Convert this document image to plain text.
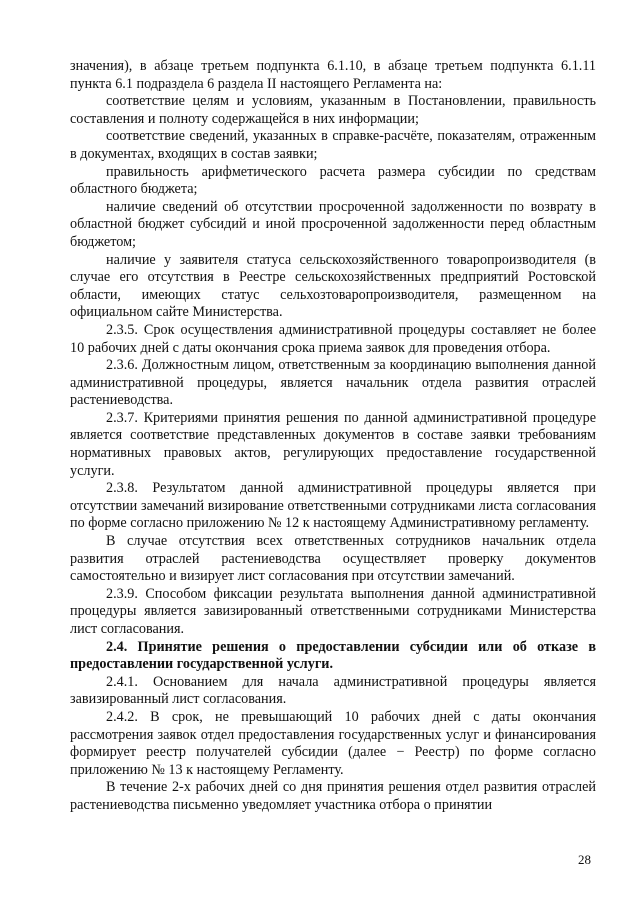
значения), в абзаце третьем подпункта 6.1.10, в абзаце третьем подпункта 6.1.11 пункта 6.1 подраздела 6 раздела II настоящего Регламента на:

соответствие целям и условиям, указанным в Постановлении, правильность составления и полноту содержащейся в них информации;

соответствие сведений, указанных в справке-расчёте, показателям, отраженным в документах, входящих в состав заявки;

правильность арифметического расчета размера субсидии по средствам областного бюджета;

наличие сведений об отсутствии просроченной задолженности по возврату в областной бюджет субсидий и иной просроченной задолженности перед областным бюджетом;

наличие у заявителя статуса сельскохозяйственного товаропроизводителя (в случае его отсутствия в Реестре сельскохозяйственных предприятий Ростовской области, имеющих статус сельхозтоваропроизводителя, размещенном на официальном сайте Министерства.

2.3.5. Срок осуществления административной процедуры составляет не более 10 рабочих дней с даты окончания срока приема заявок для проведения отбора.

2.3.6. Должностным лицом, ответственным за координацию выполнения данной административной процедуры, является начальник отдела развития отраслей растениеводства.

2.3.7. Критериями принятия решения по данной административной процедуре является соответствие представленных документов в составе заявки требованиям нормативных правовых актов, регулирующих предоставление государственной услуги.

2.3.8. Результатом данной административной процедуры является при отсутствии замечаний визирование ответственными сотрудниками листа согласования по форме согласно приложению № 12 к настоящему Административному регламенту.

В случае отсутствия всех ответственных сотрудников начальник отдела развития отраслей растениеводства осуществляет проверку документов самостоятельно и визирует лист согласования при отсутствии замечаний.

2.3.9. Способом фиксации результата выполнения данной административной процедуры является завизированный ответственными сотрудниками Министерства лист согласования.

2.4. Принятие решения о предоставлении субсидии или об отказе в предоставлении государственной услуги.

2.4.1. Основанием для начала административной процедуры является завизированный лист согласования.

2.4.2. В срок, не превышающий 10 рабочих дней с даты окончания рассмотрения заявок отдел предоставления государственных услуг и финансирования формирует реестр получателей субсидии (далее − Реестр) по форме согласно приложению № 13 к настоящему Регламенту.

В течение 2-х рабочих дней со дня принятия решения отдел развития отраслей растениеводства письменно уведомляет участника отбора о принятии

28
